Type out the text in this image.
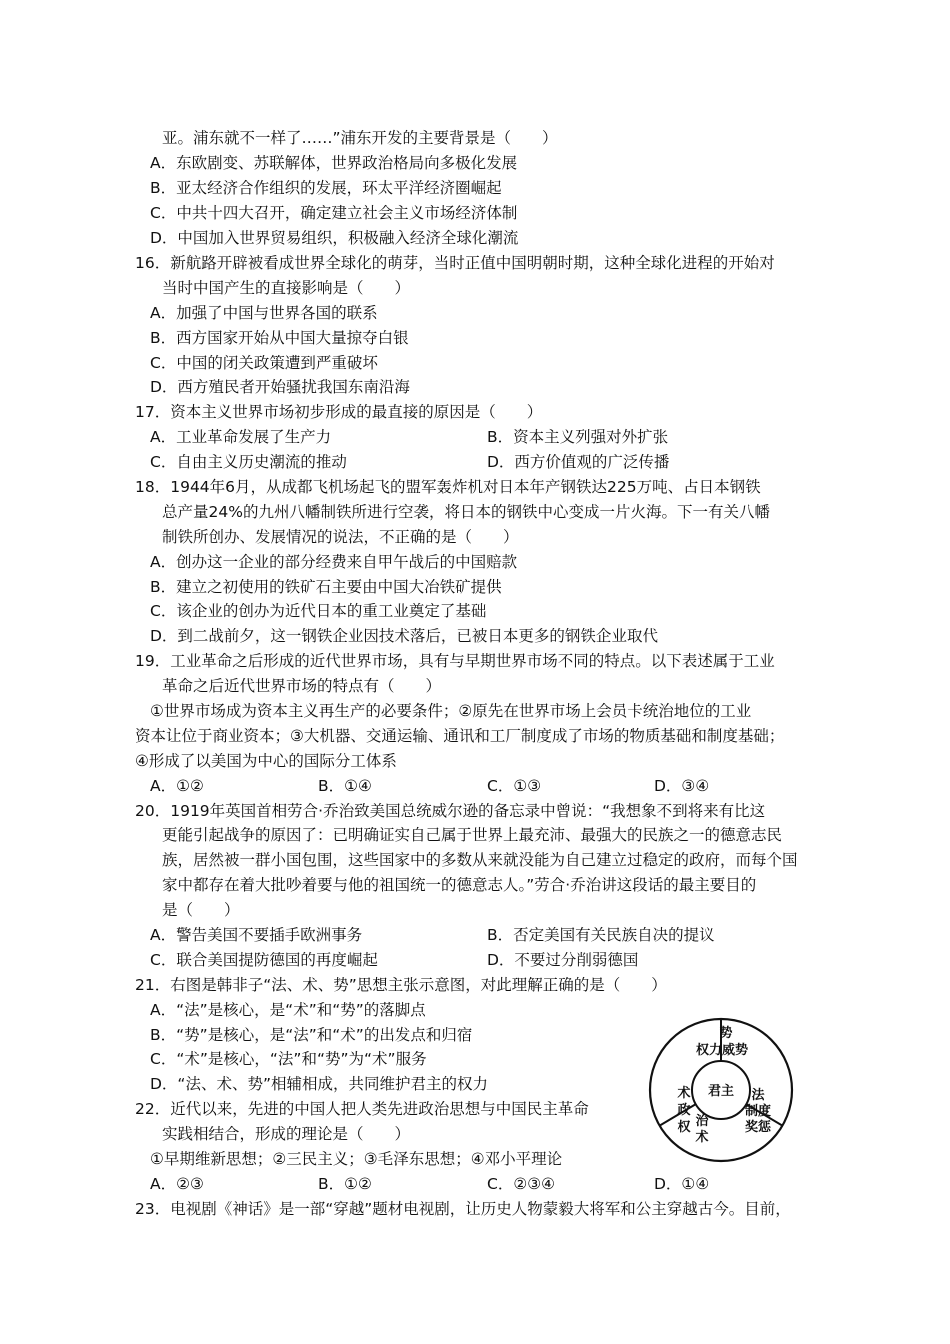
亚。浦东就不一样了……”浦东开发的主要背景是（　　）
A．东欧剧变、苏联解体，世界政治格局向多极化发展
B．亚太经济合作组织的发展，环太平洋经济圈崛起
C．中共十四大召开，确定建立社会主义市场经济体制
D．中国加入世界贸易组织，积极融入经济全球化潮流
16．新航路开辟被看成世界全球化的萌芽，当时正值中国明朝时期，这种全球化进程的开始对
当时中国产生的直接影响是（　　）
A．加强了中国与世界各国的联系
B．西方国家开始从中国大量掠夺白银
C．中国的闭关政策遭到严重破坏
D．西方殖民者开始骚扰我国东南沿海
17．资本主义世界市场初步形成的最直接的原因是（　　）
A．工业革命发展了生产力	B．资本主义列强对外扩张
C．自由主义历史潮流的推动	D．西方价值观的广泛传播
18．1944年6月，从成都飞机场起飞的盟军轰炸机对日本年产钢铁达225万吨、占日本钢铁
总产量24%的九州八幡制铁所进行空袭，将日本的钢铁中心变成一片火海。下一有关八幡
制铁所创办、发展情况的说法，不正确的是（　　）
A．创办这一企业的部分经费来自甲午战后的中国赔款
B．建立之初使用的铁矿石主要由中国大冶铁矿提供
C．该企业的创办为近代日本的重工业奠定了基础
D．到二战前夕，这一钢铁企业因技术落后，已被日本更多的钢铁企业取代
19．工业革命之后形成的近代世界市场，具有与早期世界市场不同的特点。以下表述属于工业
革命之后近代世界市场的特点有（　　）
①世界市场成为资本主义再生产的必要条件；②原先在世界市场上会员卡统治地位的工业
资本让位于商业资本；③大机器、交通运输、通讯和工厂制度成了市场的物质基础和制度基础；
④形成了以美国为中心的国际分工体系
A．①②	B．①④	C．①③	D．③④
20．1919年英国首相劳合·乔治致美国总统威尔逊的备忘录中曾说：“我想象不到将来有比这
更能引起战争的原因了：已明确证实自己属于世界上最充沛、最强大的民族之一的德意志民
族，居然被一群小国包围，这些国家中的多数从来就没能为自己建立过稳定的政府，而每个国
家中都存在着大批吵着要与他的祖国统一的德意志人。”劳合·乔治讲这段话的最主要目的
是（　　）
A．警告美国不要插手欧洲事务	B．否定美国有关民族自决的提议
C．联合美国提防德国的再度崛起	D．不要过分削弱德国
21．右图是韩非子“法、术、势”思想主张示意图，对此理解正确的是（　　）
A．“法”是核心，是“术”和“势”的落脚点
B．“势”是核心，是“法”和“术”的出发点和归宿
C．“术”是核心，“法”和“势”为“术”服务
D．“法、术、势”相辅相成，共同维护君主的权力
22．近代以来，先进的中国人把人类先进政治思想与中国民主革命
实践相结合，形成的理论是（　　）
①早期维新思想；②三民主义；③毛泽东思想；④邓小平理论
A．②③	B．①②	C．②③④	D．①④
23．电视剧《神话》是一部“穿越”题材电视剧，让历史人物蒙毅大将军和公主穿越古今。目前，
君主
势
权力威势
术
政
权 治
术
法
制度
奖惩
